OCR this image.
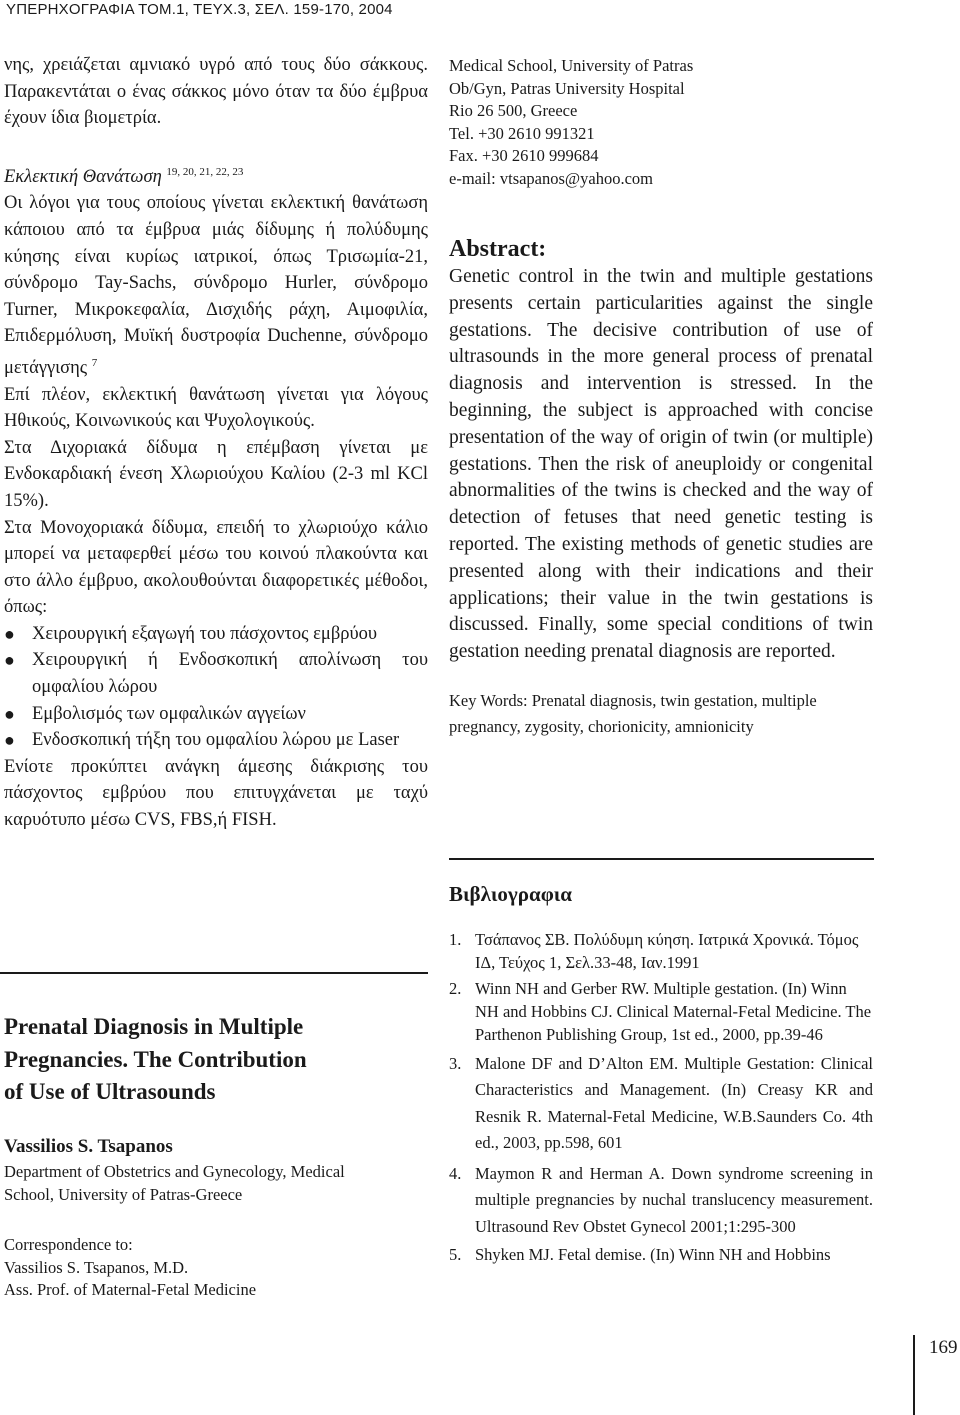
ΥΠΕΡΗΧΟΓΡΑΦΙΑ ΤΟΜ.1, ΤΕΥΧ.3, ΣΕΛ. 159-170, 2004

νης, χρειάζεται αμνιακό υγρό από τους δύο σάκκους. Παρακεντάται ο ένας σάκκος μόνο όταν τα δύο έμβρυα έχουν ίδια βιομετρία.

Εκλεκτική Θανάτωση $^{19, 20, 21, 22, 23}$

Οι λόγοι για τους οποίους γίνεται εκλεκτική θανάτωση κάποιου από τα έμβρυα μιάς δίδυμης ή πολύδυμης κύησης είναι κυρίως ιατρικοί, όπως Τρισωμία-21, σύνδρομο Tay-Sachs, σύνδρομο Hurler, σύνδρομο Turner, Μικροκεφαλία, Δισχιδής ράχη, Αιμοφιλία, Επιδερμόλυση, Μυϊκή δυστροφία Duchenne, σύνδρομο μετάγγισης $^7$

Επί πλέον, εκλεκτική θανάτωση γίνεται για λόγους Ηθικούς, Κοινωνικούς και Ψυχολογικούς.

Στα Διχοριακά δίδυμα η επέμβαση γίνεται με Ενδοκαρδιακή ένεση Χλωριούχου Καλίου (2-3 ml KCl 15%).

Στα Μονοχοριακά δίδυμα, επειδή το χλωριούχο κάλιο μπορεί να μεταφερθεί μέσω του κοινού πλακούντα και στο άλλο έμβρυο, ακολουθούνται διαφορετικές μέθοδοι, όπως:

● Χειρουργική εξαγωγή του πάσχοντος εμβρύου
● Χειρουργική ή Ενδοσκοπική απολίνωση του ομφαλίου λώρου
● Εμβολισμός των ομφαλικών αγγείων
● Ενδοσκοπική τήξη του ομφαλίου λώρου με Laser

Ενίοτε προκύπτει ανάγκη άμεσης διάκρισης του πάσχοντος εμβρύου που επιτυγχάνεται με ταχύ καρυότυπο μέσω CVS, FBS,ή FISH.

Prenatal Diagnosis in Multiple
Pregnancies. The Contribution
of Use of Ultrasounds
Vassilios S. Tsapanos
Department of Obstetrics and Gynecology, Medical
School, University of Patras-Greece
Correspondence to:
Vassilios S. Tsapanos, M.D.
Ass. Prof. of Maternal-Fetal Medicine
Medical School, University of Patras
Ob/Gyn, Patras University Hospital
Rio 26 500, Greece
Tel. +30 2610 991321
Fax. +30 2610 999684
e-mail: vtsapanos@yahoo.com
Abstract:
Genetic control in the twin and multiple gestations presents certain particularities against the single gestations. The decisive contribution of use of ultrasounds in the more general process of prenatal diagnosis and intervention is stressed. In the beginning, the subject is approached with concise presentation of the way of origin of twin (or multiple) gestations. Then the risk of aneuploidy or congenital abnormalities of the twins is checked and the way of detection of fetuses that need genetic testing is reported. The existing methods of genetic studies are presented along with their indications and their applications; their value in the twin gestations is discussed. Finally, some special conditions of twin gestation needing prenatal diagnosis are reported.
Key Words: Prenatal diagnosis, twin gestation, multiple pregnancy, zygosity, chorionicity, amnionicity
Βιβλιογραφια
1. Τσάπανος ΣΒ. Πολύδυμη κύηση. Ιατρικά Χρονικά. Τόμος ΙΔ, Τεύχος 1, Σελ.33-48, Ιαν.1991
2. Winn NH and Gerber RW. Multiple gestation. (In) Winn NH and Hobbins CJ. Clinical Maternal-Fetal Medicine. The Parthenon Publishing Group, 1st ed., 2000, pp.39-46
3. Malone DF and D’Alton EM. Multiple Gestation: Clinical Characteristics and Management. (In) Creasy KR and Resnik R. Maternal-Fetal Medicine, W.B.Saunders Co. 4th ed., 2003, pp.598, 601
4. Maymon R and Herman A. Down syndrome screening in multiple pregnancies by nuchal translucency measurement. Ultrasound Rev Obstet Gynecol 2001;1:295-300
5. Shyken MJ. Fetal demise. (In) Winn NH and Hobbins
169
